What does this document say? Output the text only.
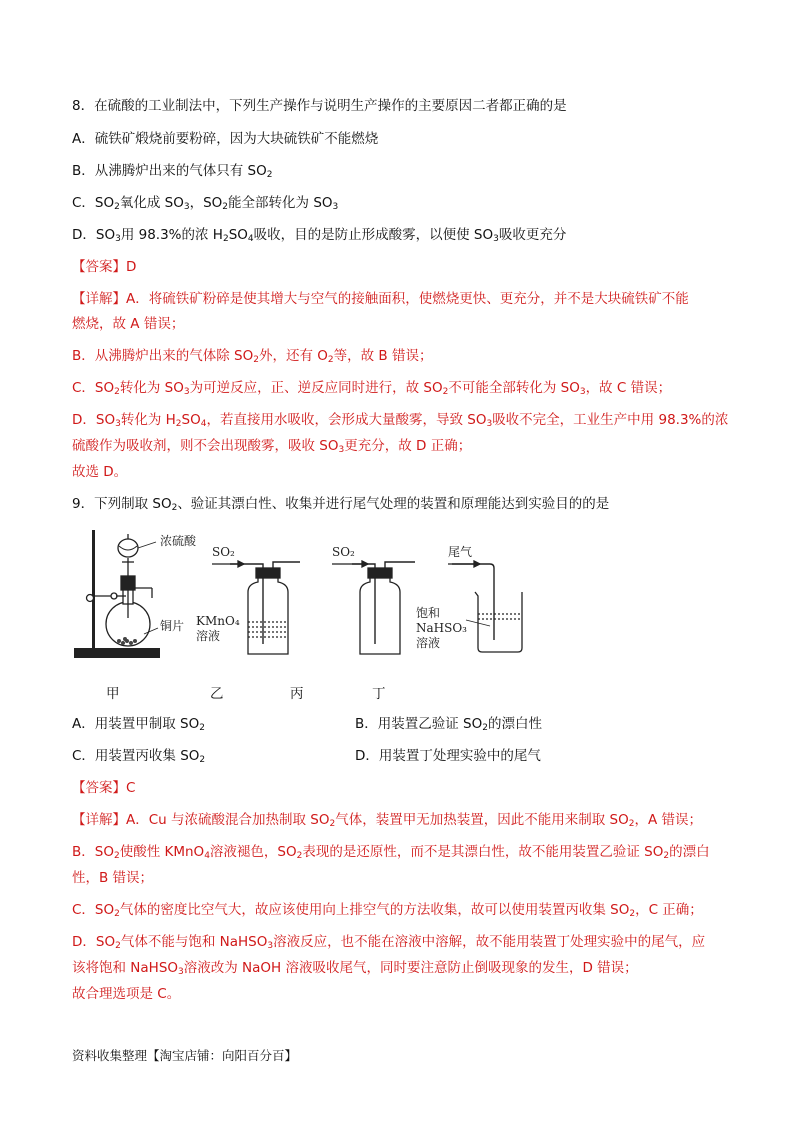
8．在硫酸的工业制法中，下列生产操作与说明生产操作的主要原因二者都正确的是
A．硫铁矿煅烧前要粉碎，因为大块硫铁矿不能燃烧
B．从沸腾炉出来的气体只有 $SO_2$
C．$SO_2$氧化成 $SO_3$，$SO_2$能全部转化为 $SO_3$
D．$SO_3$用 98.3%的浓 $H_2SO_4$吸收，目的是防止形成酸雾，以便使 $SO_3$吸收更充分
【答案】D
【详解】A．将硫铁矿粉碎是使其增大与空气的接触面积，使燃烧更快、更充分，并不是大块硫铁矿不能
燃烧，故 A 错误；
B．从沸腾炉出来的气体除 $SO_2$外，还有 $O_2$等，故 B 错误；
C．$SO_2$转化为 $SO_3$为可逆反应，正、逆反应同时进行，故 $SO_2$不可能全部转化为 $SO_3$，故 C 错误；
D．$SO_3$转化为 $H_2SO_4$，若直接用水吸收，会形成大量酸雾，导致 $SO_3$吸收不完全，工业生产中用 98.3%的浓
硫酸作为吸收剂，则不会出现酸雾，吸收 $SO_3$更充分，故 D 正确；
故选 D。
9．下列制取 $SO_2$、验证其漂白性、收集并进行尾气处理的装置和原理能达到实验目的的是
浓硫酸
铜片
SO₂
KMnO₄
溶液
SO₂	尾气
饱和
NaHSO₃
溶液
甲	乙	丙	丁
A．用装置甲制取 $SO_2$	B．用装置乙验证 $SO_2$的漂白性
C．用装置丙收集 $SO_2$	D．用装置丁处理实验中的尾气
【答案】C
【详解】A．Cu 与浓硫酸混合加热制取 $SO_2$气体，装置甲无加热装置，因此不能用来制取 $SO_2$，A 错误；
B．$SO_2$使酸性 KMnO$_4$溶液褪色，$SO_2$表现的是还原性，而不是其漂白性，故不能用装置乙验证 $SO_2$的漂白
性，B 错误；
C．$SO_2$气体的密度比空气大，故应该使用向上排空气的方法收集，故可以使用装置丙收集 $SO_2$，C 正确；
D．$SO_2$气体不能与饱和 NaHSO$_3$溶液反应，也不能在溶液中溶解，故不能用装置丁处理实验中的尾气，应
该将饱和 NaHSO$_3$溶液改为 NaOH 溶液吸收尾气，同时要注意防止倒吸现象的发生，D 错误；
故合理选项是 C。
资料收集整理【淘宝店铺：向阳百分百】
